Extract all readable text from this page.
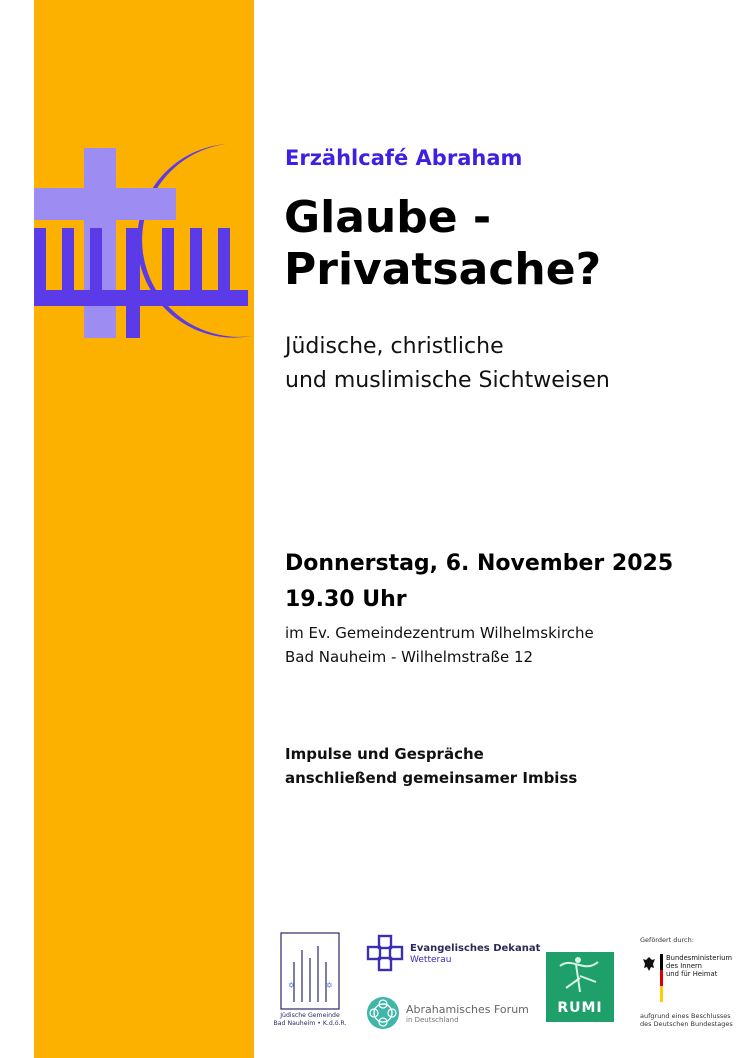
Erzählcafé Abraham
Glaube -
Privatsache?
Jüdische, christliche
und muslimische Sichtweisen
Donnerstag, 6. November 2025
19.30 Uhr
im Ev. Gemeindezentrum Wilhelmskirche
Bad Nauheim - Wilhelmstraße 12
Impulse und Gespräche
anschließend gemeinsamer Imbiss
✡	✡
Jüdische Gemeinde
Bad Nauheim • K.d.ö.R.
Evangelisches Dekanat
Wetterau
Abrahamisches Forum
in Deutschland
RUMI
Gefördert durch:
Bundesministerium
des Innern
und für Heimat
aufgrund eines Beschlusses
des Deutschen Bundestages
